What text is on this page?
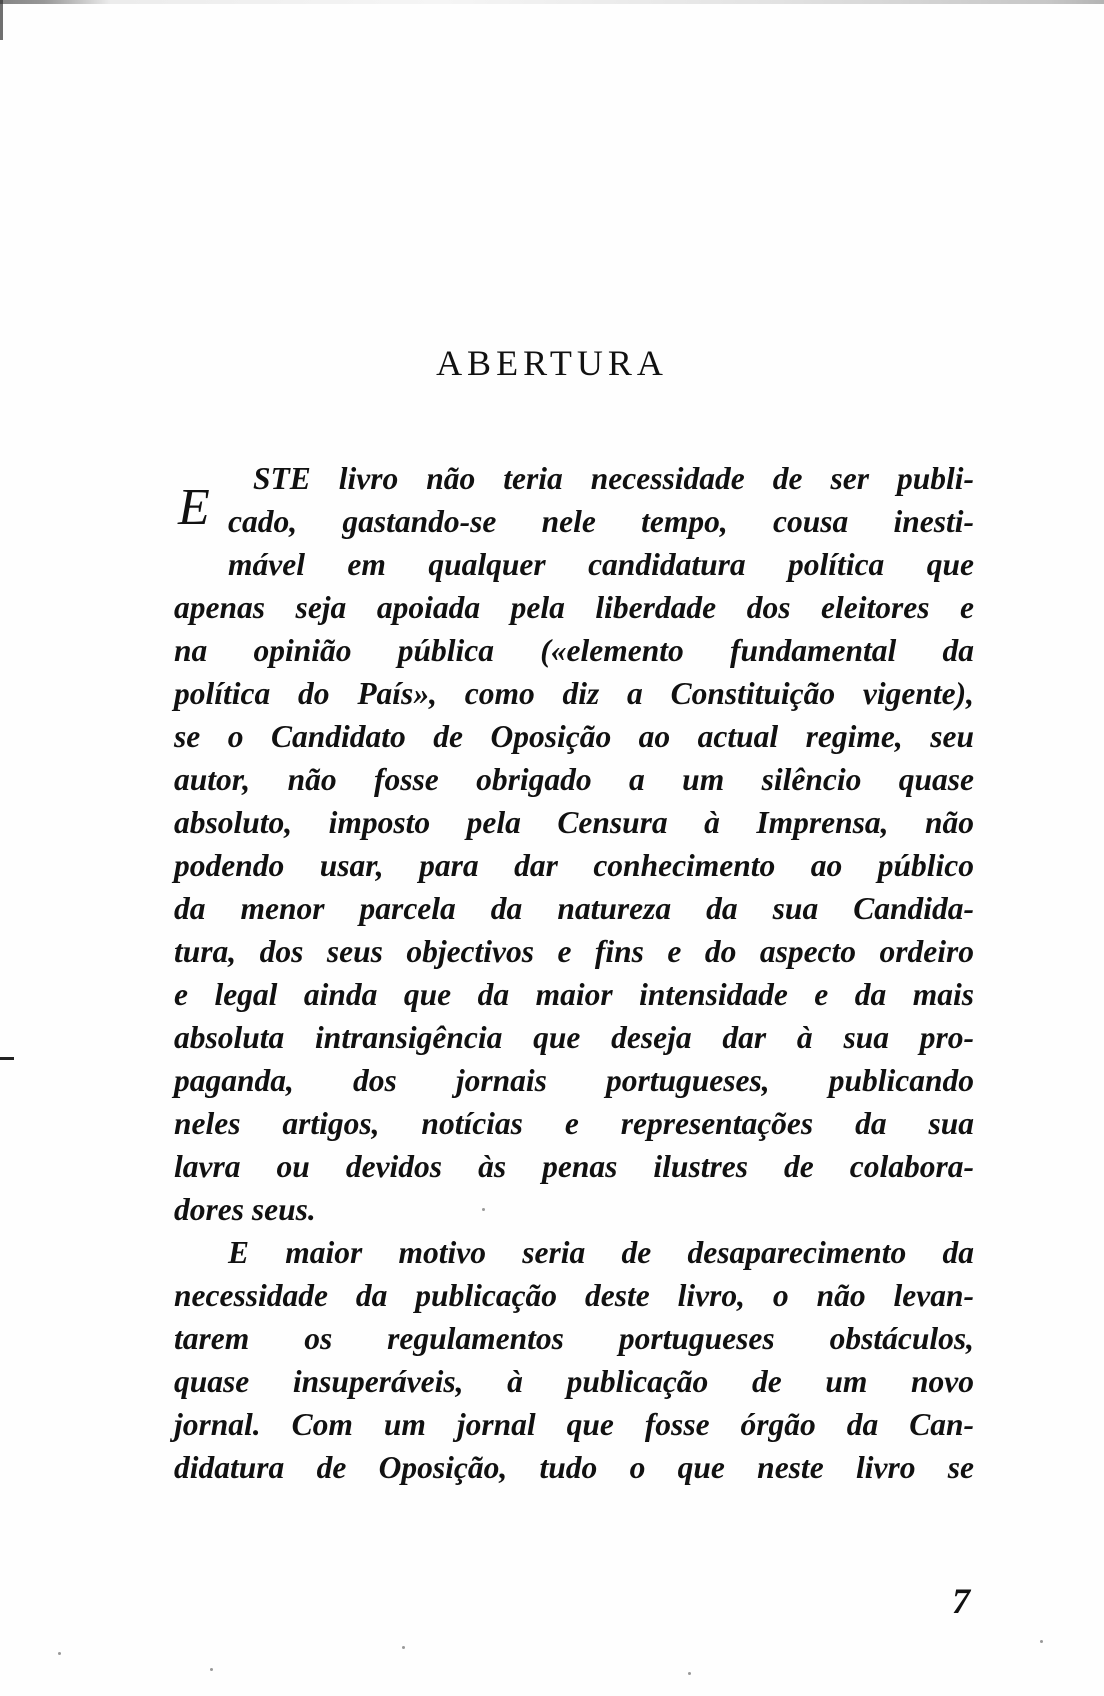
ABERTURA
E
STE livro não teria necessidade de ser publi-
cado, gastando-se nele tempo, cousa inesti-
mável em qualquer candidatura política que
apenas seja apoiada pela liberdade dos eleitores e
na opinião pública («elemento fundamental da
política do País», como diz a Constituição vigente),
se o Candidato de Oposição ao actual regime, seu
autor, não fosse obrigado a um silêncio quase
absoluto, imposto pela Censura à Imprensa, não
podendo usar, para dar conhecimento ao público
da menor parcela da natureza da sua Candida-
tura, dos seus objectivos e fins e do aspecto ordeiro
e legal ainda que da maior intensidade e da mais
absoluta intransigência que deseja dar à sua pro-
paganda, dos jornais portugueses, publicando
neles artigos, notícias e representações da sua
lavra ou devidos às penas ilustres de colabora-
dores seus.
E maior motivo seria de desaparecimento da
necessidade da publicação deste livro, o não levan-
tarem os regulamentos portugueses obstáculos,
quase insuperáveis, à publicação de um novo
jornal. Com um jornal que fosse órgão da Can-
didatura de Oposição, tudo o que neste livro se
7
